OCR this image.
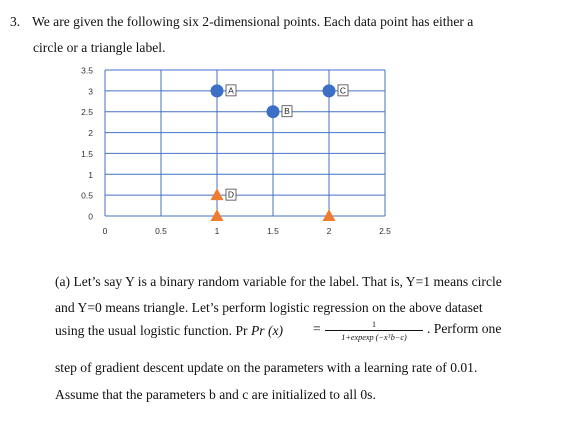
3. We are given the following six 2-dimensional points. Each data point has either a
circle or a triangle label.
0
0.5
1
1.5
2
2.5
3
3.5
0	0.5	1	1.5	2	2.5
A
B
C
D
(a) Let’s say Y is a binary random variable for the label. That is, Y=1 means circle
and Y=0 means triangle. Let’s perform logistic regression on the above dataset
using the usual logistic function. Pr Pr (x)	=	1
1+expexp (−xᵀb−c)
. Perform one
step of gradient descent update on the parameters with a learning rate of 0.01.
Assume that the parameters b and c are initialized to all 0s.
